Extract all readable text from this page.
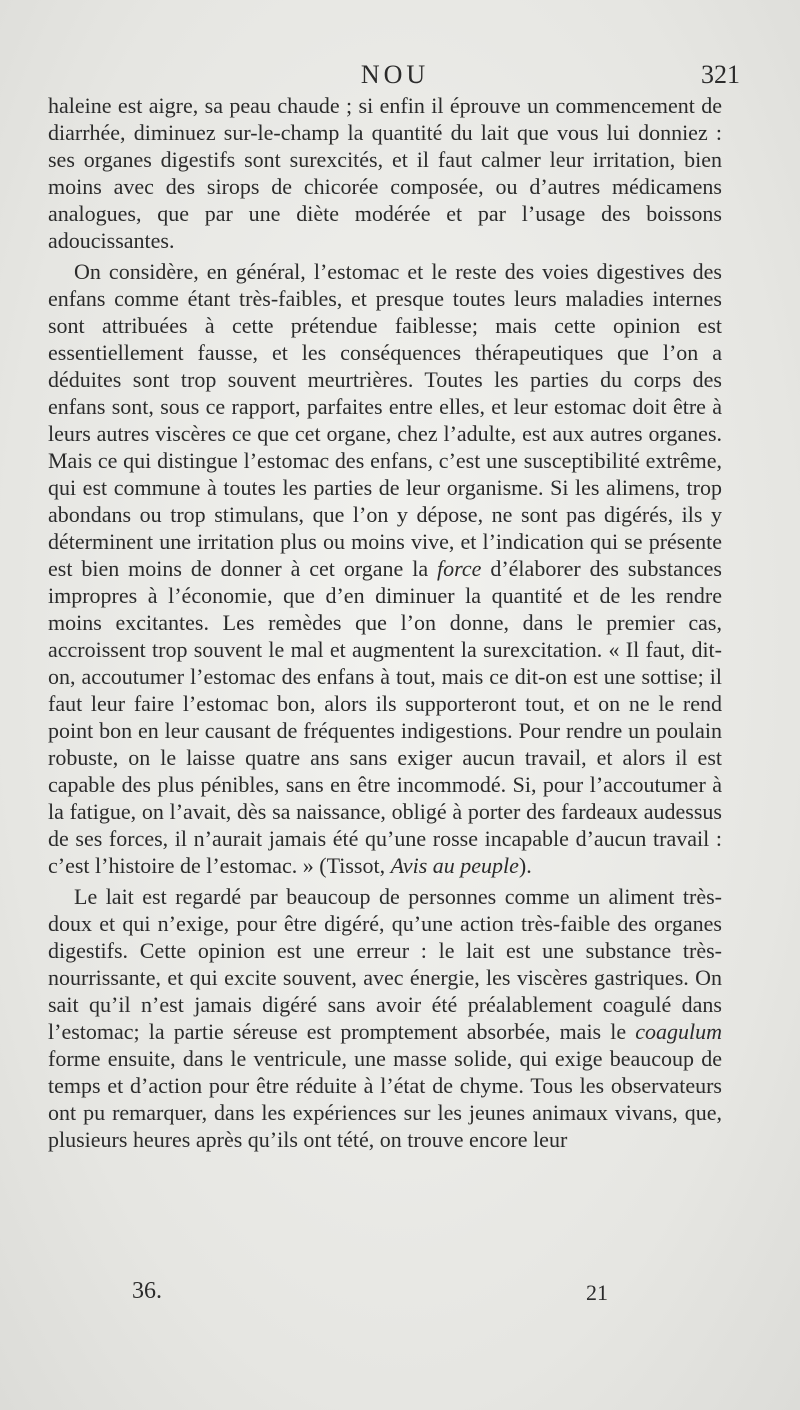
NOU	321

haleine est aigre, sa peau chaude ; si enfin il éprouve un commencement de diarrhée, diminuez sur-le-champ la quantité du lait que vous lui donniez : ses organes digestifs sont surexcités, et il faut calmer leur irritation, bien moins avec des sirops de chicorée composée, ou d’autres médicamens analogues, que par une diète modérée et par l’usage des boissons adoucissantes.

On considère, en général, l’estomac et le reste des voies digestives des enfans comme étant très-faibles, et presque toutes leurs maladies internes sont attribuées à cette prétendue faiblesse; mais cette opinion est essentiellement fausse, et les conséquences thérapeutiques que l’on a déduites sont trop souvent meurtrières. Toutes les parties du corps des enfans sont, sous ce rapport, parfaites entre elles, et leur estomac doit être à leurs autres viscères ce que cet organe, chez l’adulte, est aux autres organes. Mais ce qui distingue l’estomac des enfans, c’est une susceptibilité extrême, qui est commune à toutes les parties de leur organisme. Si les alimens, trop abondans ou trop stimulans, que l’on y dépose, ne sont pas digérés, ils y déterminent une irritation plus ou moins vive, et l’indication qui se présente est bien moins de donner à cet organe la force d’élaborer des substances impropres à l’économie, que d’en diminuer la quantité et de les rendre moins excitantes. Les remèdes que l’on donne, dans le premier cas, accroissent trop souvent le mal et augmentent la surexcitation. « Il faut, dit-on, accoutumer l’estomac des enfans à tout, mais ce dit-on est une sottise; il faut leur faire l’estomac bon, alors ils supporteront tout, et on ne le rend point bon en leur causant de fréquentes indigestions. Pour rendre un poulain robuste, on le laisse quatre ans sans exiger aucun travail, et alors il est capable des plus pénibles, sans en être incommodé. Si, pour l’accoutumer à la fatigue, on l’avait, dès sa naissance, obligé à porter des fardeaux audessus de ses forces, il n’aurait jamais été qu’une rosse incapable d’aucun travail : c’est l’histoire de l’estomac. » (Tissot, Avis au peuple).

Le lait est regardé par beaucoup de personnes comme un aliment très-doux et qui n’exige, pour être digéré, qu’une action très-faible des organes digestifs. Cette opinion est une erreur : le lait est une substance très-nourrissante, et qui excite souvent, avec énergie, les viscères gastriques. On sait qu’il n’est jamais digéré sans avoir été préalablement coagulé dans l’estomac; la partie séreuse est promptement absorbée, mais le coagulum forme ensuite, dans le ventricule, une masse solide, qui exige beaucoup de temps et d’action pour être réduite à l’état de chyme. Tous les observateurs ont pu remarquer, dans les expériences sur les jeunes animaux vivans, que, plusieurs heures après qu’ils ont tété, on trouve encore leur

36.	21
